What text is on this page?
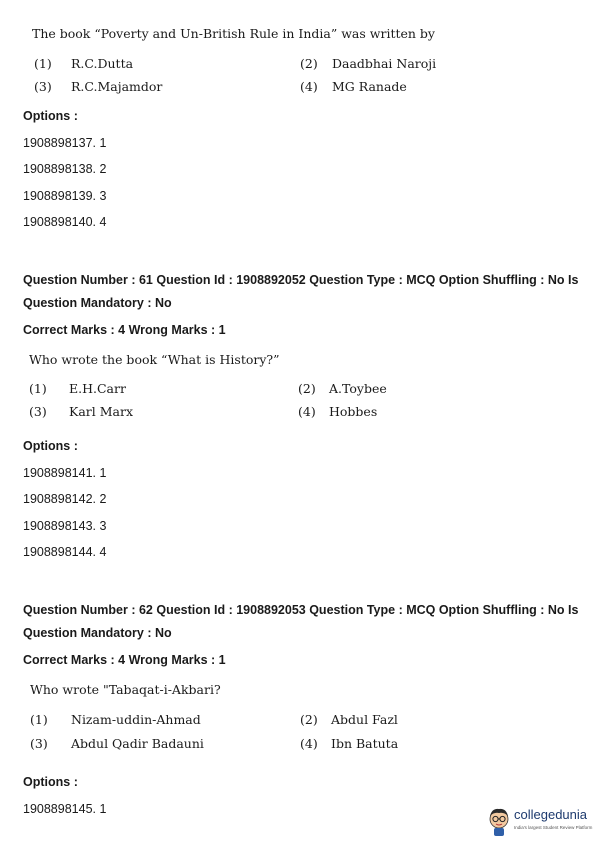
The book “Poverty and Un-British Rule in India” was written by
(1) R.C.Dutta	(2) Daadbhai Naroji
(3) R.C.Majamdor	(4) MG Ranade
Options :
1908898137. 1
1908898138. 2
1908898139. 3
1908898140. 4
Question Number : 61 Question Id : 1908892052 Question Type : MCQ Option Shuffling : No Is
Question Mandatory : No
Correct Marks : 4 Wrong Marks : 1
Who wrote the book “What is History?”
(1) E.H.Carr	(2) A.Toybee
(3) Karl Marx	(4) Hobbes
Options :
1908898141. 1
1908898142. 2
1908898143. 3
1908898144. 4
Question Number : 62 Question Id : 1908892053 Question Type : MCQ Option Shuffling : No Is
Question Mandatory : No
Correct Marks : 4 Wrong Marks : 1
Who wrote "Tabaqat-i-Akbari?
(1) Nizam-uddin-Ahmad	(2) Abdul Fazl
(3) Abdul Qadir Badauni	(4) Ibn Batuta
Options :
1908898145. 1	collegedunia
India's largest Student Review Platform
